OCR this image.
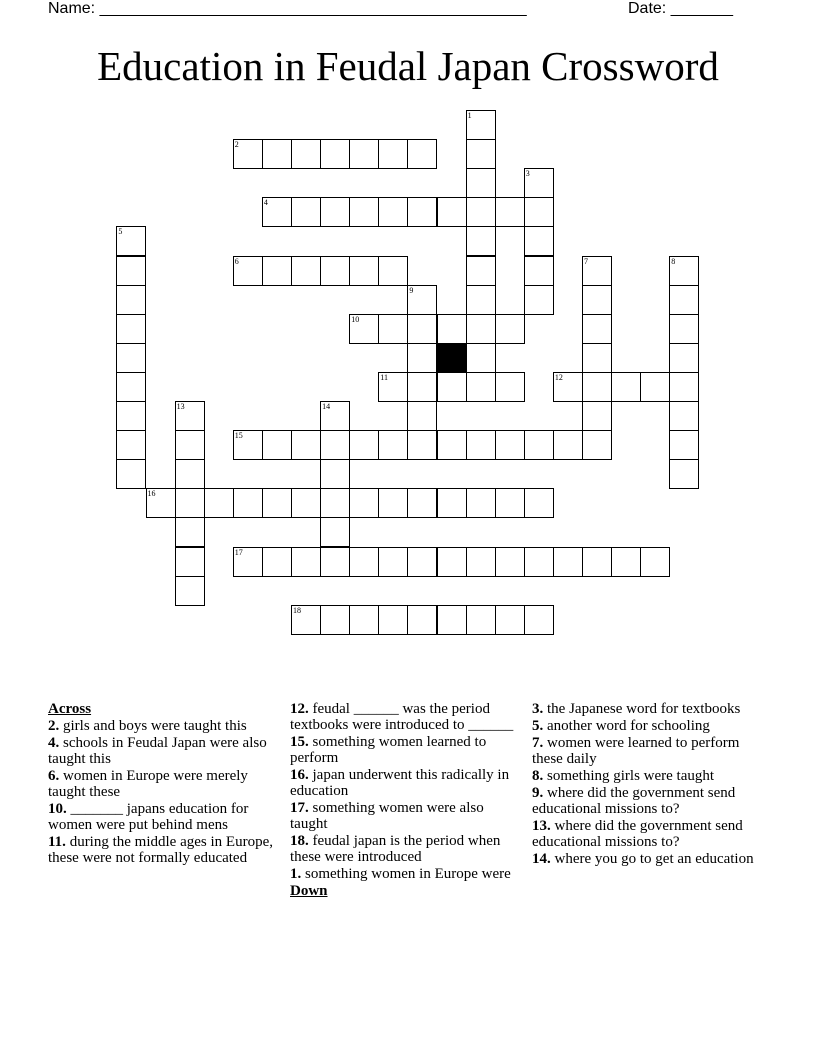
Name: ________________________________________________	Date: _______
Education in Feudal Japan Crossword
1
2
3
4
5
6	7	8
9
10
11	12
13	14
15
16
17
18
Across
2. girls and boys were taught this
4. schools in Feudal Japan were also taught this
6. women in Europe were merely taught these
10. _______ japans education for women were put behind mens
11. during the middle ages in Europe, these were not formally educated
12. feudal ______ was the period textbooks were introduced to ______
15. something women learned to perform
16. japan underwent this radically in education
17. something women were also taught
18. feudal japan is the period when these were introduced
1. something women in Europe were
Down
3. the Japanese word for textbooks
5. another word for schooling
7. women were learned to perform these daily
8. something girls were taught
9. where did the government send educational missions to?
13. where did the government send educational missions to?
14. where you go to get an education
